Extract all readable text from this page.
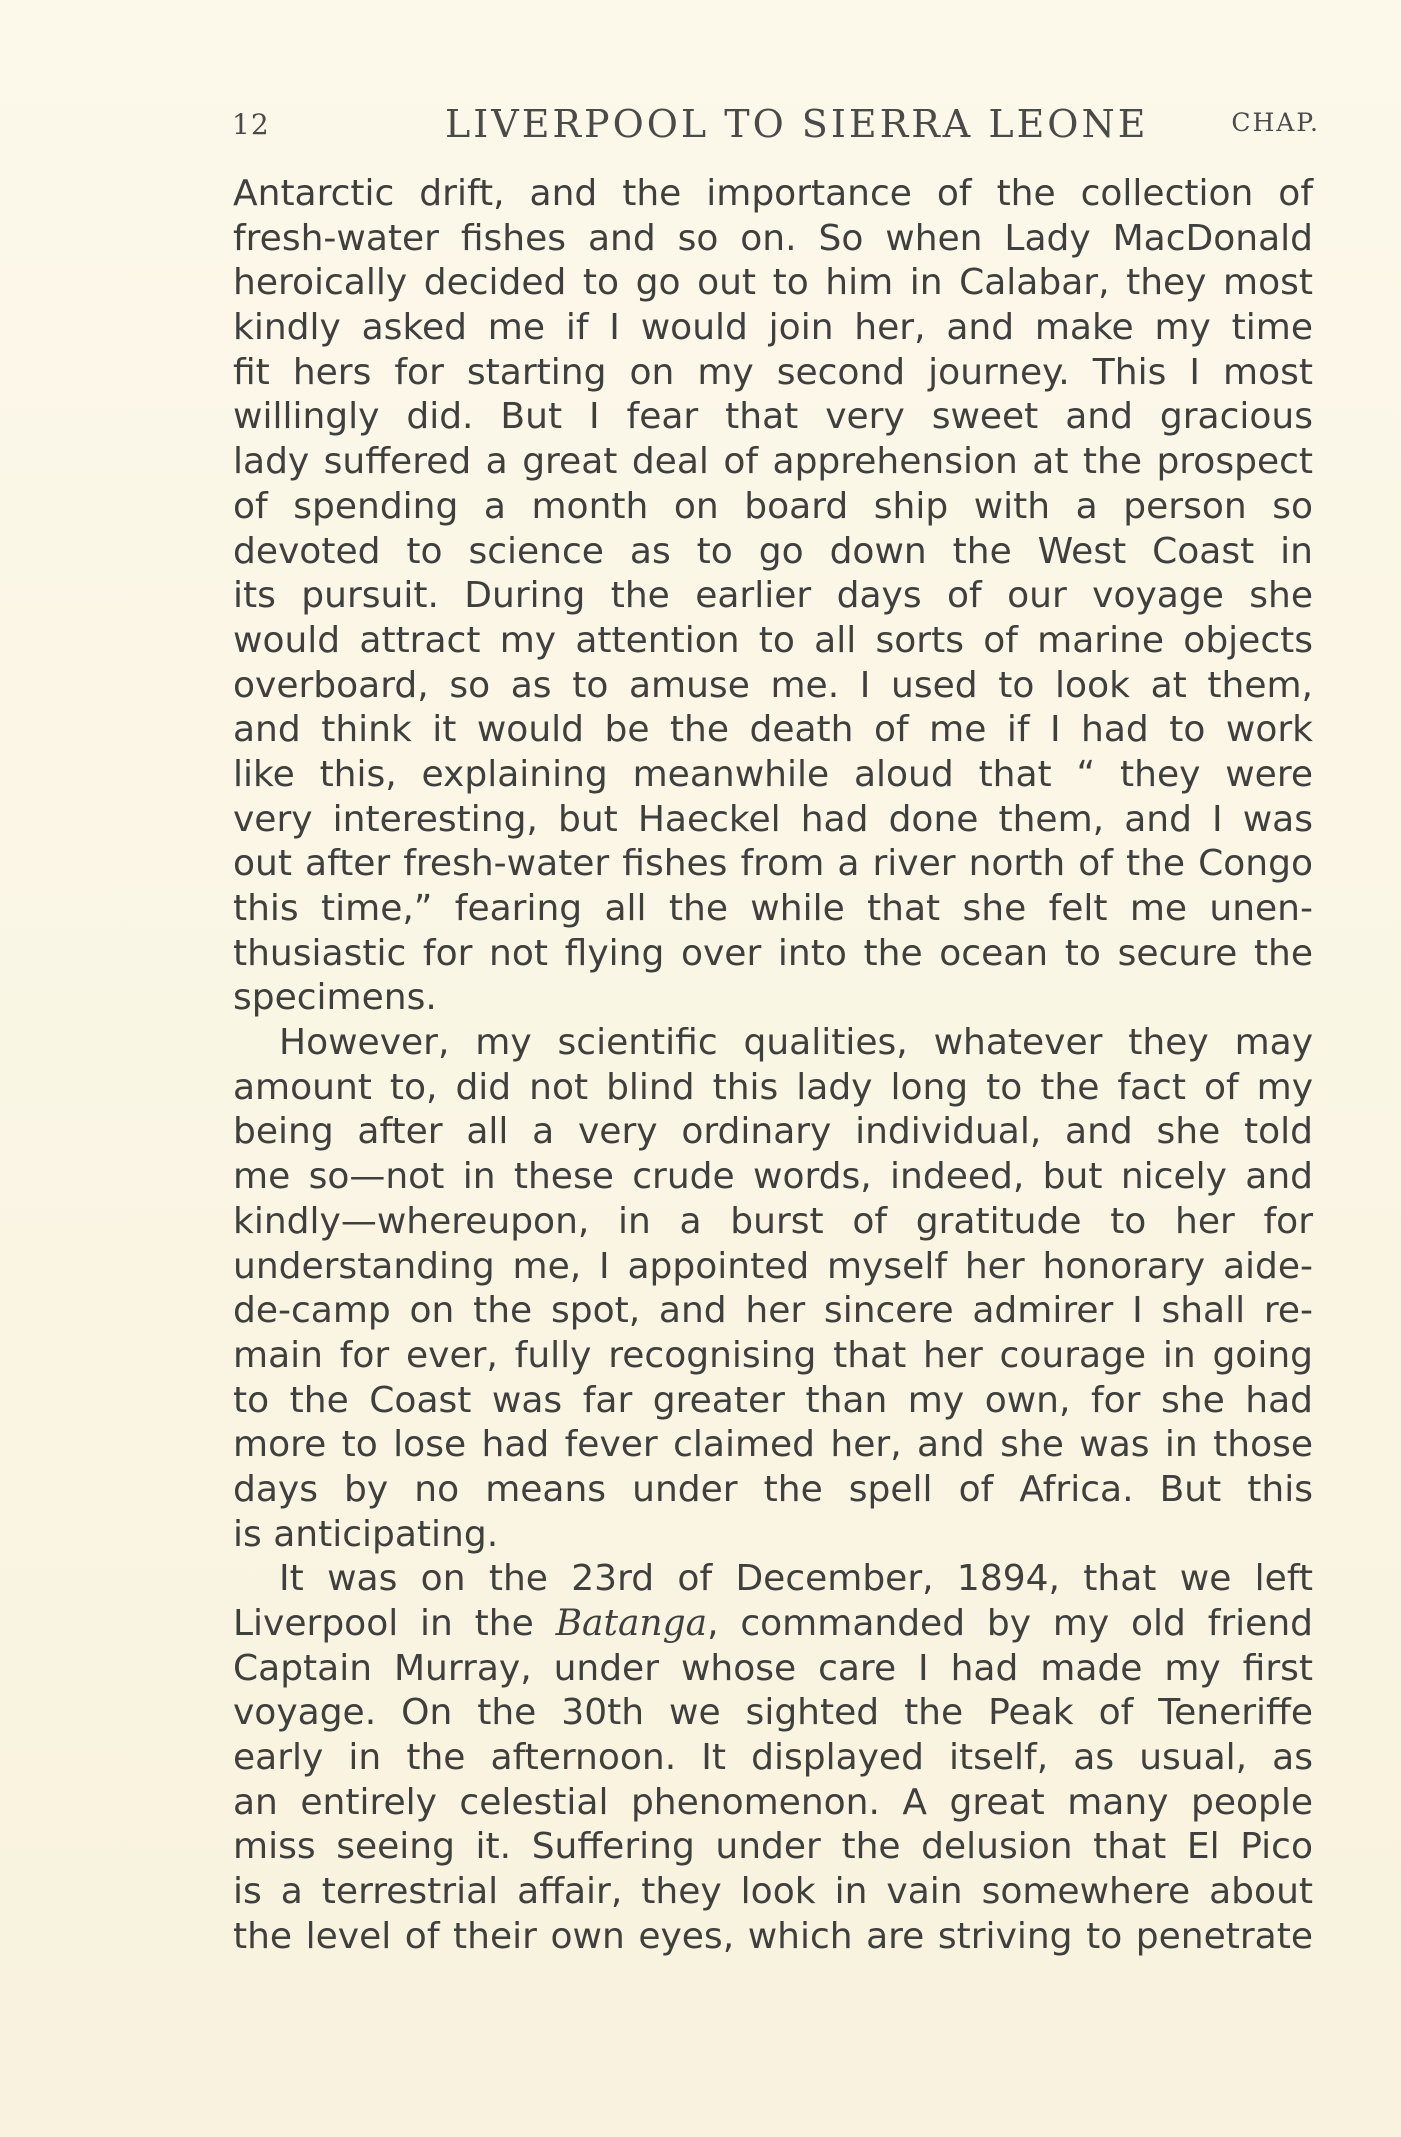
12	LIVERPOOL TO SIERRA LEONE	CHAP.
Antarctic drift, and the importance of the collection of
fresh-water fishes and so on. So when Lady MacDonald
heroically decided to go out to him in Calabar, they most
kindly asked me if I would join her, and make my time
fit hers for starting on my second journey. This I most
willingly did. But I fear that very sweet and gracious
lady suffered a great deal of apprehension at the prospect
of spending a month on board ship with a person so
devoted to science as to go down the West Coast in
its pursuit. During the earlier days of our voyage she
would attract my attention to all sorts of marine objects
overboard, so as to amuse me. I used to look at them,
and think it would be the death of me if I had to work
like this, explaining meanwhile aloud that “ they were
very interesting, but Haeckel had done them, and I was
out after fresh-water fishes from a river north of the Congo
this time,” fearing all the while that she felt me unen-
thusiastic for not flying over into the ocean to secure the
specimens.
However, my scientific qualities, whatever they may
amount to, did not blind this lady long to the fact of my
being after all a very ordinary individual, and she told
me so—not in these crude words, indeed, but nicely and
kindly—whereupon, in a burst of gratitude to her for
understanding me, I appointed myself her honorary aide-
de-camp on the spot, and her sincere admirer I shall re-
main for ever, fully recognising that her courage in going
to the Coast was far greater than my own, for she had
more to lose had fever claimed her, and she was in those
days by no means under the spell of Africa. But this
is anticipating.
It was on the 23rd of December, 1894, that we left
Liverpool in the Batanga, commanded by my old friend
Captain Murray, under whose care I had made my first
voyage. On the 30th we sighted the Peak of Teneriffe
early in the afternoon. It displayed itself, as usual, as
an entirely celestial phenomenon. A great many people
miss seeing it. Suffering under the delusion that El Pico
is a terrestrial affair, they look in vain somewhere about
the level of their own eyes, which are striving to penetrate
